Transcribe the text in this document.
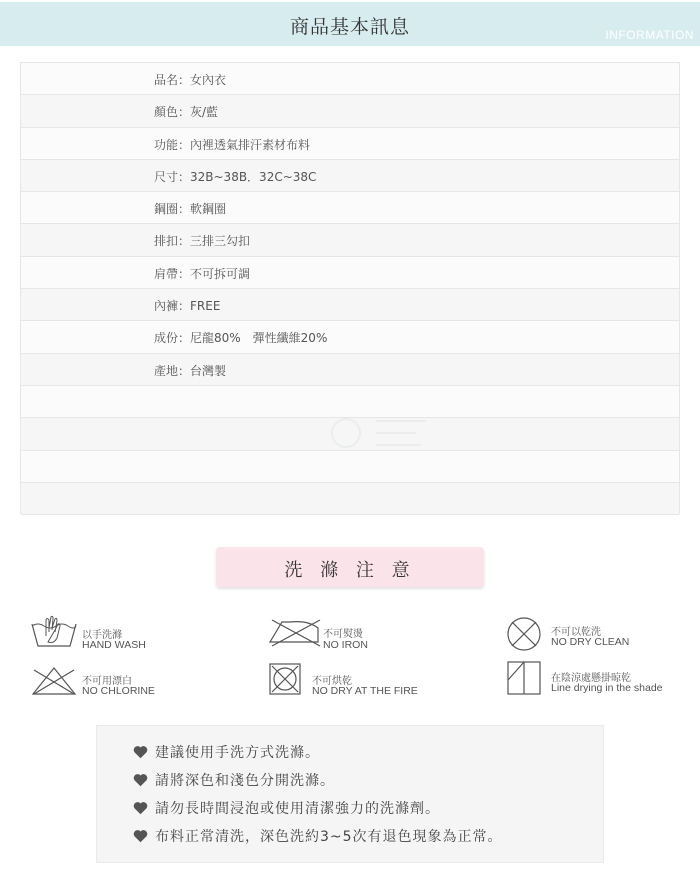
商品基本訊息	INFORMATION
品名：女內衣
顏色：灰/藍
功能：內裡透氣排汗素材布料
尺寸：32B~38B．32C~38C
鋼圈：軟鋼圈
排扣：三排三勾扣
肩帶：不可拆可調
內褲：FREE
成份：尼龍80%　彈性纖維20%
產地：台灣製
洗 滌 注 意
以手洗滌
HAND WASH
不可熨燙
NO IRON
不可以乾洗
NO DRY CLEAN
不可用漂白
NO CHLORINE
不可烘乾
NO DRY AT THE FIRE
在陰涼處懸掛晾乾
Line drying in the shade
建議使用手洗方式洗滌。
請將深色和淺色分開洗滌。
請勿長時間浸泡或使用清潔強力的洗滌劑。
布料正常清洗，深色洗約3~5次有退色現象為正常。
